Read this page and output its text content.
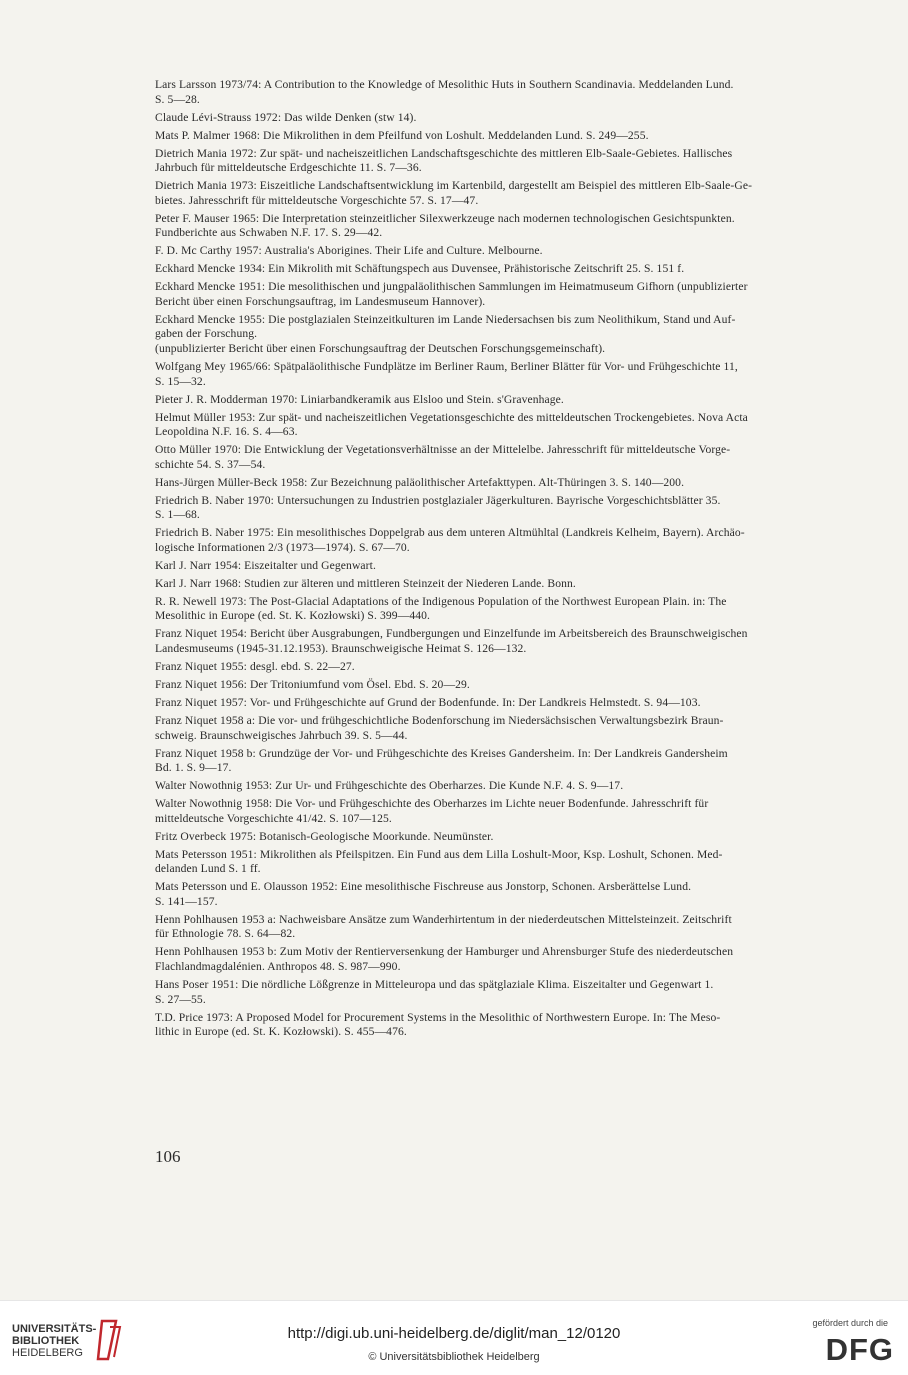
Lars Larsson 1973/74: A Contribution to the Knowledge of Mesolithic Huts in Southern Scandinavia. Meddelanden Lund.
S. 5—28.
Claude Lévi-Strauss 1972: Das wilde Denken (stw 14).
Mats P. Malmer 1968: Die Mikrolithen in dem Pfeilfund von Loshult. Meddelanden Lund. S. 249—255.
Dietrich Mania 1972: Zur spät- und nacheiszeitlichen Landschaftsgeschichte des mittleren Elb-Saale-Gebietes. Hallisches
Jahrbuch für mitteldeutsche Erdgeschichte 11. S. 7—36.
Dietrich Mania 1973: Eiszeitliche Landschaftsentwicklung im Kartenbild, dargestellt am Beispiel des mittleren Elb-Saale-Ge-
bietes. Jahresschrift für mitteldeutsche Vorgeschichte 57. S. 17—47.
Peter F. Mauser 1965: Die Interpretation steinzeitlicher Silexwerkzeuge nach modernen technologischen Gesichtspunkten.
Fundberichte aus Schwaben N.F. 17. S. 29—42.
F. D. Mc Carthy 1957: Australia's Aborigines. Their Life and Culture. Melbourne.
Eckhard Mencke 1934: Ein Mikrolith mit Schäftungspech aus Duvensee, Prähistorische Zeitschrift 25. S. 151 f.
Eckhard Mencke 1951: Die mesolithischen und jungpaläolithischen Sammlungen im Heimatmuseum Gifhorn (unpublizierter
Bericht über einen Forschungsauftrag, im Landesmuseum Hannover).
Eckhard Mencke 1955: Die postglazialen Steinzeitkulturen im Lande Niedersachsen bis zum Neolithikum, Stand und Auf-
gaben der Forschung.
(unpublizierter Bericht über einen Forschungsauftrag der Deutschen Forschungsgemeinschaft).
Wolfgang Mey 1965/66: Spätpaläolithische Fundplätze im Berliner Raum, Berliner Blätter für Vor- und Frühgeschichte 11,
S. 15—32.
Pieter J. R. Modderman 1970: Liniarbandkeramik aus Elsloo und Stein. s'Gravenhage.
Helmut Müller 1953: Zur spät- und nacheiszeitlichen Vegetationsgeschichte des mitteldeutschen Trockengebietes. Nova Acta
Leopoldina N.F. 16. S. 4—63.
Otto Müller 1970: Die Entwicklung der Vegetationsverhältnisse an der Mittelelbe. Jahresschrift für mitteldeutsche Vorge-
schichte 54. S. 37—54.
Hans-Jürgen Müller-Beck 1958: Zur Bezeichnung paläolithischer Artefakttypen. Alt-Thüringen 3. S. 140—200.
Friedrich B. Naber 1970: Untersuchungen zu Industrien postglazialer Jägerkulturen. Bayrische Vorgeschichtsblätter 35.
S. 1—68.
Friedrich B. Naber 1975: Ein mesolithisches Doppelgrab aus dem unteren Altmühltal (Landkreis Kelheim, Bayern). Archäo-
logische Informationen 2/3 (1973—1974). S. 67—70.
Karl J. Narr 1954: Eiszeitalter und Gegenwart.
Karl J. Narr 1968: Studien zur älteren und mittleren Steinzeit der Niederen Lande. Bonn.
R. R. Newell 1973: The Post-Glacial Adaptations of the Indigenous Population of the Northwest European Plain. in: The
Mesolithic in Europe (ed. St. K. Kozłowski) S. 399—440.
Franz Niquet 1954: Bericht über Ausgrabungen, Fundbergungen und Einzelfunde im Arbeitsbereich des Braunschweigischen
Landesmuseums (1945-31.12.1953). Braunschweigische Heimat S. 126—132.
Franz Niquet 1955: desgl. ebd. S. 22—27.
Franz Niquet 1956: Der Tritoniumfund vom Ösel. Ebd. S. 20—29.
Franz Niquet 1957: Vor- und Frühgeschichte auf Grund der Bodenfunde. In: Der Landkreis Helmstedt. S. 94—103.
Franz Niquet 1958 a: Die vor- und frühgeschichtliche Bodenforschung im Niedersächsischen Verwaltungsbezirk Braun-
schweig. Braunschweigisches Jahrbuch 39. S. 5—44.
Franz Niquet 1958 b: Grundzüge der Vor- und Frühgeschichte des Kreises Gandersheim. In: Der Landkreis Gandersheim
Bd. 1. S. 9—17.
Walter Nowothnig 1953: Zur Ur- und Frühgeschichte des Oberharzes. Die Kunde N.F. 4. S. 9—17.
Walter Nowothnig 1958: Die Vor- und Frühgeschichte des Oberharzes im Lichte neuer Bodenfunde. Jahresschrift für
mitteldeutsche Vorgeschichte 41/42. S. 107—125.
Fritz Overbeck 1975: Botanisch-Geologische Moorkunde. Neumünster.
Mats Petersson 1951: Mikrolithen als Pfeilspitzen. Ein Fund aus dem Lilla Loshult-Moor, Ksp. Loshult, Schonen. Med-
delanden Lund S. 1 ff.
Mats Petersson und E. Olausson 1952: Eine mesolithische Fischreuse aus Jonstorp, Schonen. Arsberättelse Lund.
S. 141—157.
Henn Pohlhausen 1953 a: Nachweisbare Ansätze zum Wanderhirtentum in der niederdeutschen Mittelsteinzeit. Zeitschrift
für Ethnologie 78. S. 64—82.
Henn Pohlhausen 1953 b: Zum Motiv der Rentierversenkung der Hamburger und Ahrensburger Stufe des niederdeutschen
Flachlandmagdalénien. Anthropos 48. S. 987—990.
Hans Poser 1951: Die nördliche Lößgrenze in Mitteleuropa und das spätglaziale Klima. Eiszeitalter und Gegenwart 1.
S. 27—55.
T.D. Price 1973: A Proposed Model for Procurement Systems in the Mesolithic of Northwestern Europe. In: The Meso-
lithic in Europe (ed. St. K. Kozłowski). S. 455—476.
106
UNIVERSITÄTS-
BIBLIOTHEK
HEIDELBERG
http://digi.ub.uni-heidelberg.de/diglit/man_12/0120
© Universitätsbibliothek Heidelberg
gefördert durch die
DFG
